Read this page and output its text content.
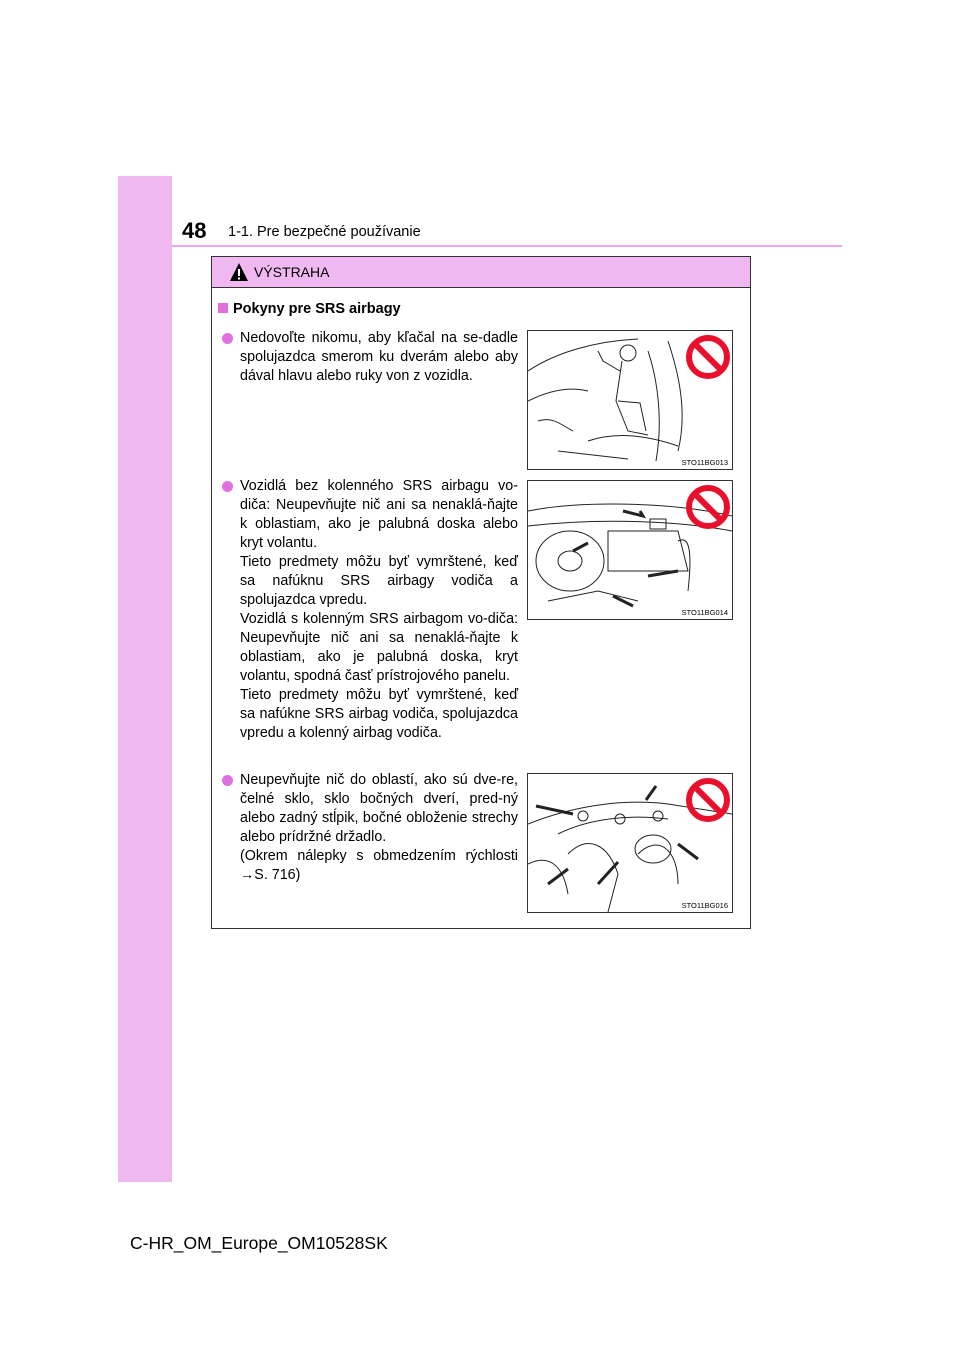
48 1-1. Pre bezpečné používanie
VÝSTRAHA
Pokyny pre SRS airbagy
Nedovoľte nikomu, aby kľačal na se-dadle spolujazdca smerom ku dverám alebo aby dával hlavu alebo ruky von z vozidla.
STO11BG013
Vozidlá bez kolenného SRS airbagu vo-diča: Neupevňujte nič ani sa nenaklá-ňajte k oblastiam, ako je palubná doska alebo kryt volantu.
Tieto predmety môžu byť vymrštené, keď sa nafúknu SRS airbagy vodiča a spolujazdca vpredu.
Vozidlá s kolenným SRS airbagom vo-diča: Neupevňujte nič ani sa nenaklá-ňajte k oblastiam, ako je palubná doska, kryt volantu, spodná časť prístrojového panelu.
Tieto predmety môžu byť vymrštené, keď sa nafúkne SRS airbag vodiča, spolujazdca vpredu a kolenný airbag vodiča.
STO11BG014
Neupevňujte nič do oblastí, ako sú dve-re, čelné sklo, sklo bočných dverí, pred-ný alebo zadný stĺpik, bočné obloženie strechy alebo prídržné držadlo.
(Okrem nálepky s obmedzením rýchlosti →S. 716)
STO11BG016
C-HR_OM_Europe_OM10528SK
